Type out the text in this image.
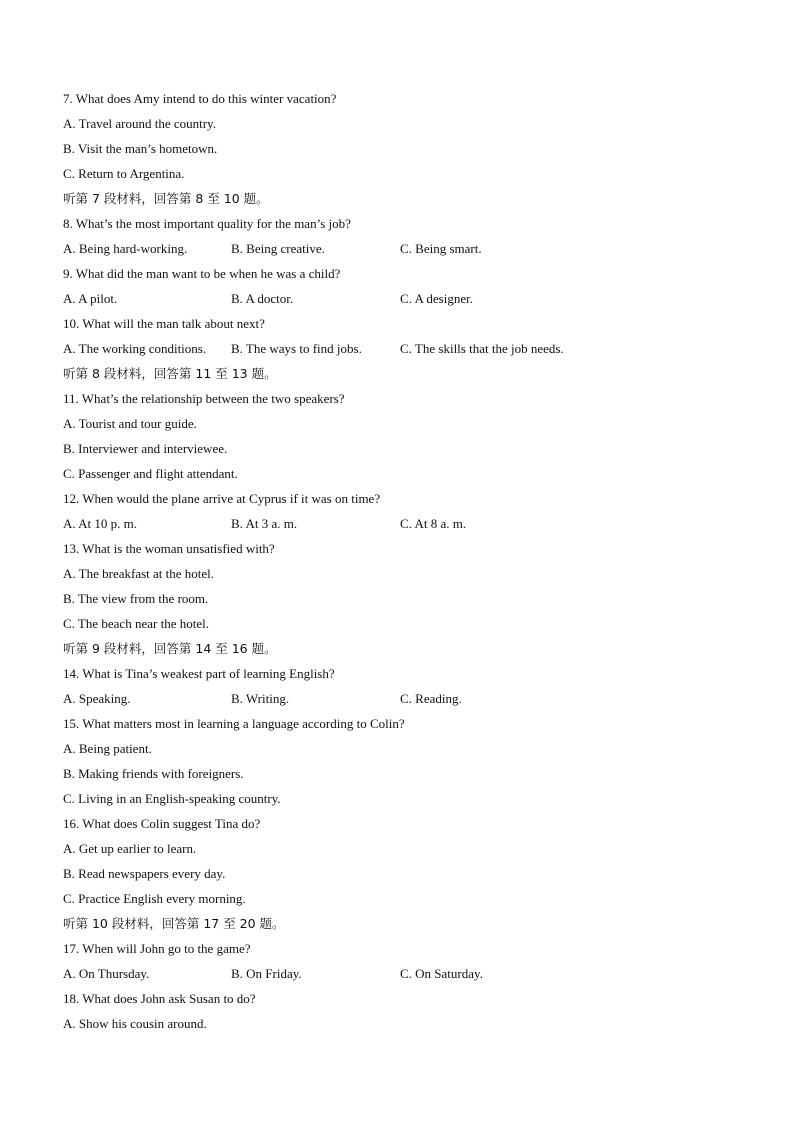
7. What does Amy intend to do this winter vacation?
A. Travel around the country.
B. Visit the man’s hometown.
C. Return to Argentina.
听第 7 段材料，回答第 8 至 10 题。
8. What’s the most important quality for the man’s job?
A. Being hard-working.	B. Being creative.	C. Being smart.
9. What did the man want to be when he was a child?
A. A pilot.	B. A doctor.	C. A designer.
10. What will the man talk about next?
A. The working conditions. B. The ways to find jobs.	C. The skills that the job needs.
听第 8 段材料，回答第 11 至 13 题。
11. What’s the relationship between the two speakers?
A. Tourist and tour guide.
B. Interviewer and interviewee.
C. Passenger and flight attendant.
12. When would the plane arrive at Cyprus if it was on time?
A. At 10 p. m.	B. At 3 a. m.	C. At 8 a. m.
13. What is the woman unsatisfied with?
A. The breakfast at the hotel.
B. The view from the room.
C. The beach near the hotel.
听第 9 段材料，回答第 14 至 16 题。
14. What is Tina’s weakest part of learning English?
A. Speaking.	B. Writing.	C. Reading.
15. What matters most in learning a language according to Colin?
A. Being patient.
B. Making friends with foreigners.
C. Living in an English-speaking country.
16. What does Colin suggest Tina do?
A. Get up earlier to learn.
B. Read newspapers every day.
C. Practice English every morning.
听第 10 段材料，回答第 17 至 20 题。
17. When will John go to the game?
A. On Thursday.	B. On Friday.	C. On Saturday.
18. What does John ask Susan to do?
A. Show his cousin around.
